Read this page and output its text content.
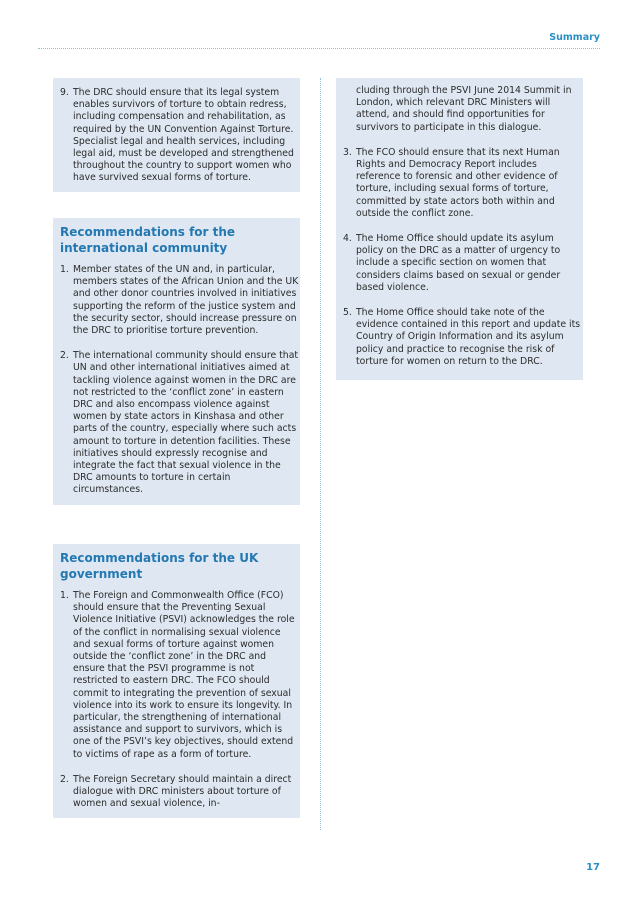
Summary
9. The DRC should ensure that its legal system enables survivors of torture to obtain redress, including compensation and rehabilitation, as required by the UN Convention Against Torture. Specialist legal and health services, including legal aid, must be developed and strengthened throughout the country to support women who have survived sexual forms of torture.
Recommendations for the international community
1. Member states of the UN and, in particular, members states of the African Union and the UK and other donor countries involved in initiatives supporting the reform of the justice system and the security sector, should increase pressure on the DRC to prioritise torture prevention.
2. The international community should ensure that UN and other international initiatives aimed at tackling violence against women in the DRC are not restricted to the ‘conflict zone’ in eastern DRC and also encompass violence against women by state actors in Kinshasa and other parts of the country, especially where such acts amount to torture in detention facilities. These initiatives should expressly recognise and integrate the fact that sexual violence in the DRC amounts to torture in certain circumstances.
Recommendations for the UK government
1. The Foreign and Commonwealth Office (FCO) should ensure that the Preventing Sexual Violence Initiative (PSVI) acknowledges the role of the conflict in normalising sexual violence and sexual forms of torture against women outside the ‘conflict zone’ in the DRC and ensure that the PSVI programme is not restricted to eastern DRC. The FCO should commit to integrating the prevention of sexual violence into its work to ensure its longevity. In particular, the strengthening of international assistance and support to survivors, which is one of the PSVI’s key objectives, should extend to victims of rape as a form of torture.
2. The Foreign Secretary should maintain a direct dialogue with DRC ministers about torture of women and sexual violence, in-
cluding through the PSVI June 2014 Summit in London, which relevant DRC Ministers will attend, and should find opportunities for survivors to participate in this dialogue.
3. The FCO should ensure that its next Human Rights and Democracy Report includes reference to forensic and other evidence of torture, including sexual forms of torture, committed by state actors both within and outside the conflict zone.
4. The Home Office should update its asylum policy on the DRC as a matter of urgency to include a specific section on women that considers claims based on sexual or gender based violence.
5. The Home Office should take note of the evidence contained in this report and update its Country of Origin Information and its asylum policy and practice to recognise the risk of torture for women on return to the DRC.
17
